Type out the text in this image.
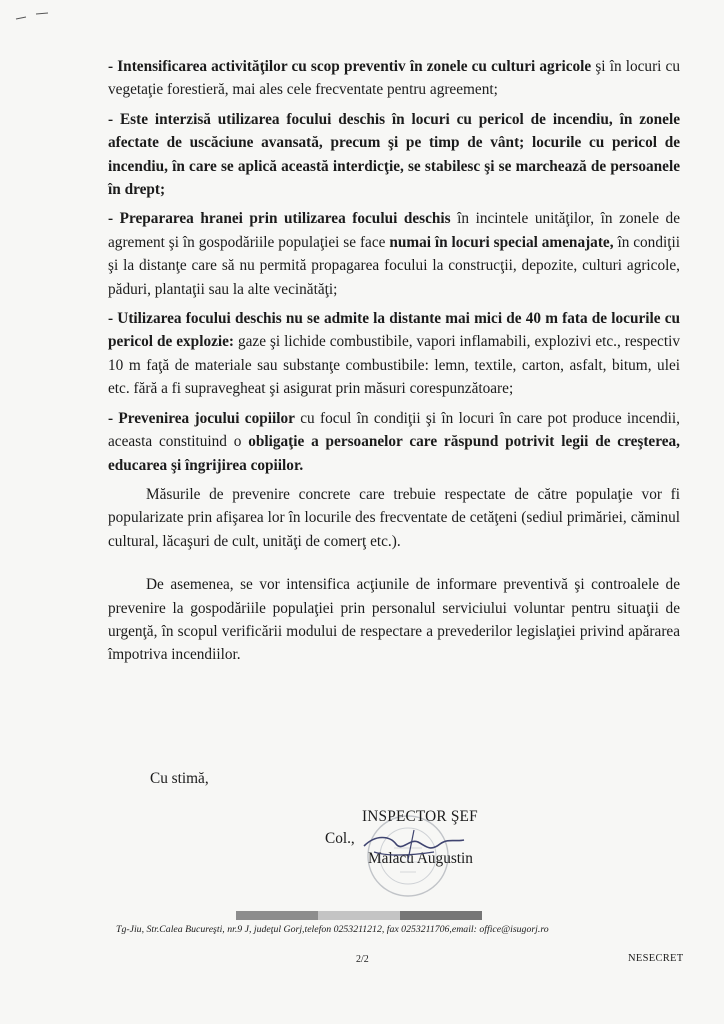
- Intensificarea activităţilor cu scop preventiv în zonele cu culturi agricole şi în locuri cu vegetaţie forestieră, mai ales cele frecventate pentru agreement;

- Este interzisă utilizarea focului deschis în locuri cu pericol de incendiu, în zonele afectate de uscăciune avansată, precum şi pe timp de vânt; locurile cu pericol de incendiu, în care se aplică această interdicţie, se stabilesc şi se marchează de persoanele în drept;

- Prepararea hranei prin utilizarea focului deschis în incintele unităţilor, în zonele de agrement şi în gospodăriile populaţiei se face numai în locuri special amenajate, în condiţii şi la distanţe care să nu permită propagarea focului la construcţii, depozite, culturi agricole, păduri, plantaţii sau la alte vecinătăţi;

- Utilizarea focului deschis nu se admite la distante mai mici de 40 m fata de locurile cu pericol de explozie: gaze şi lichide combustibile, vapori inflamabili, explozivi etc., respectiv 10 m faţă de materiale sau substanţe combustibile: lemn, textile, carton, asfalt, bitum, ulei etc. fără a fi supravegheat şi asigurat prin măsuri corespunzătoare;

- Prevenirea jocului copiilor cu focul în condiţii şi în locuri în care pot produce incendii, aceasta constituind o obligaţie a persoanelor care răspund potrivit legii de creşterea, educarea şi îngrijirea copiilor.

Măsurile de prevenire concrete care trebuie respectate de către populaţie vor fi popularizate prin afişarea lor în locurile des frecventate de cetăţeni (sediul primăriei, căminul cultural, lăcaşuri de cult, unităţi de comerţ etc.).

De asemenea, se vor intensifica acţiunile de informare preventivă şi controalele de prevenire la gospodăriile populaţiei prin personalul serviciului voluntar pentru situaţii de urgenţă, în scopul verificării modului de respectare a prevederilor legislaţiei privind apărarea împotriva incendiilor.

Cu stimă,
INSPECTOR ŞEF
Col.,
Malacu Augustin
Tg-Jiu, Str.Calea Bucureşti, nr.9 J, judeţul Gorj,telefon 0253211212, fax 0253211706,email: office@isugorj.ro
2/2	NESECRET
